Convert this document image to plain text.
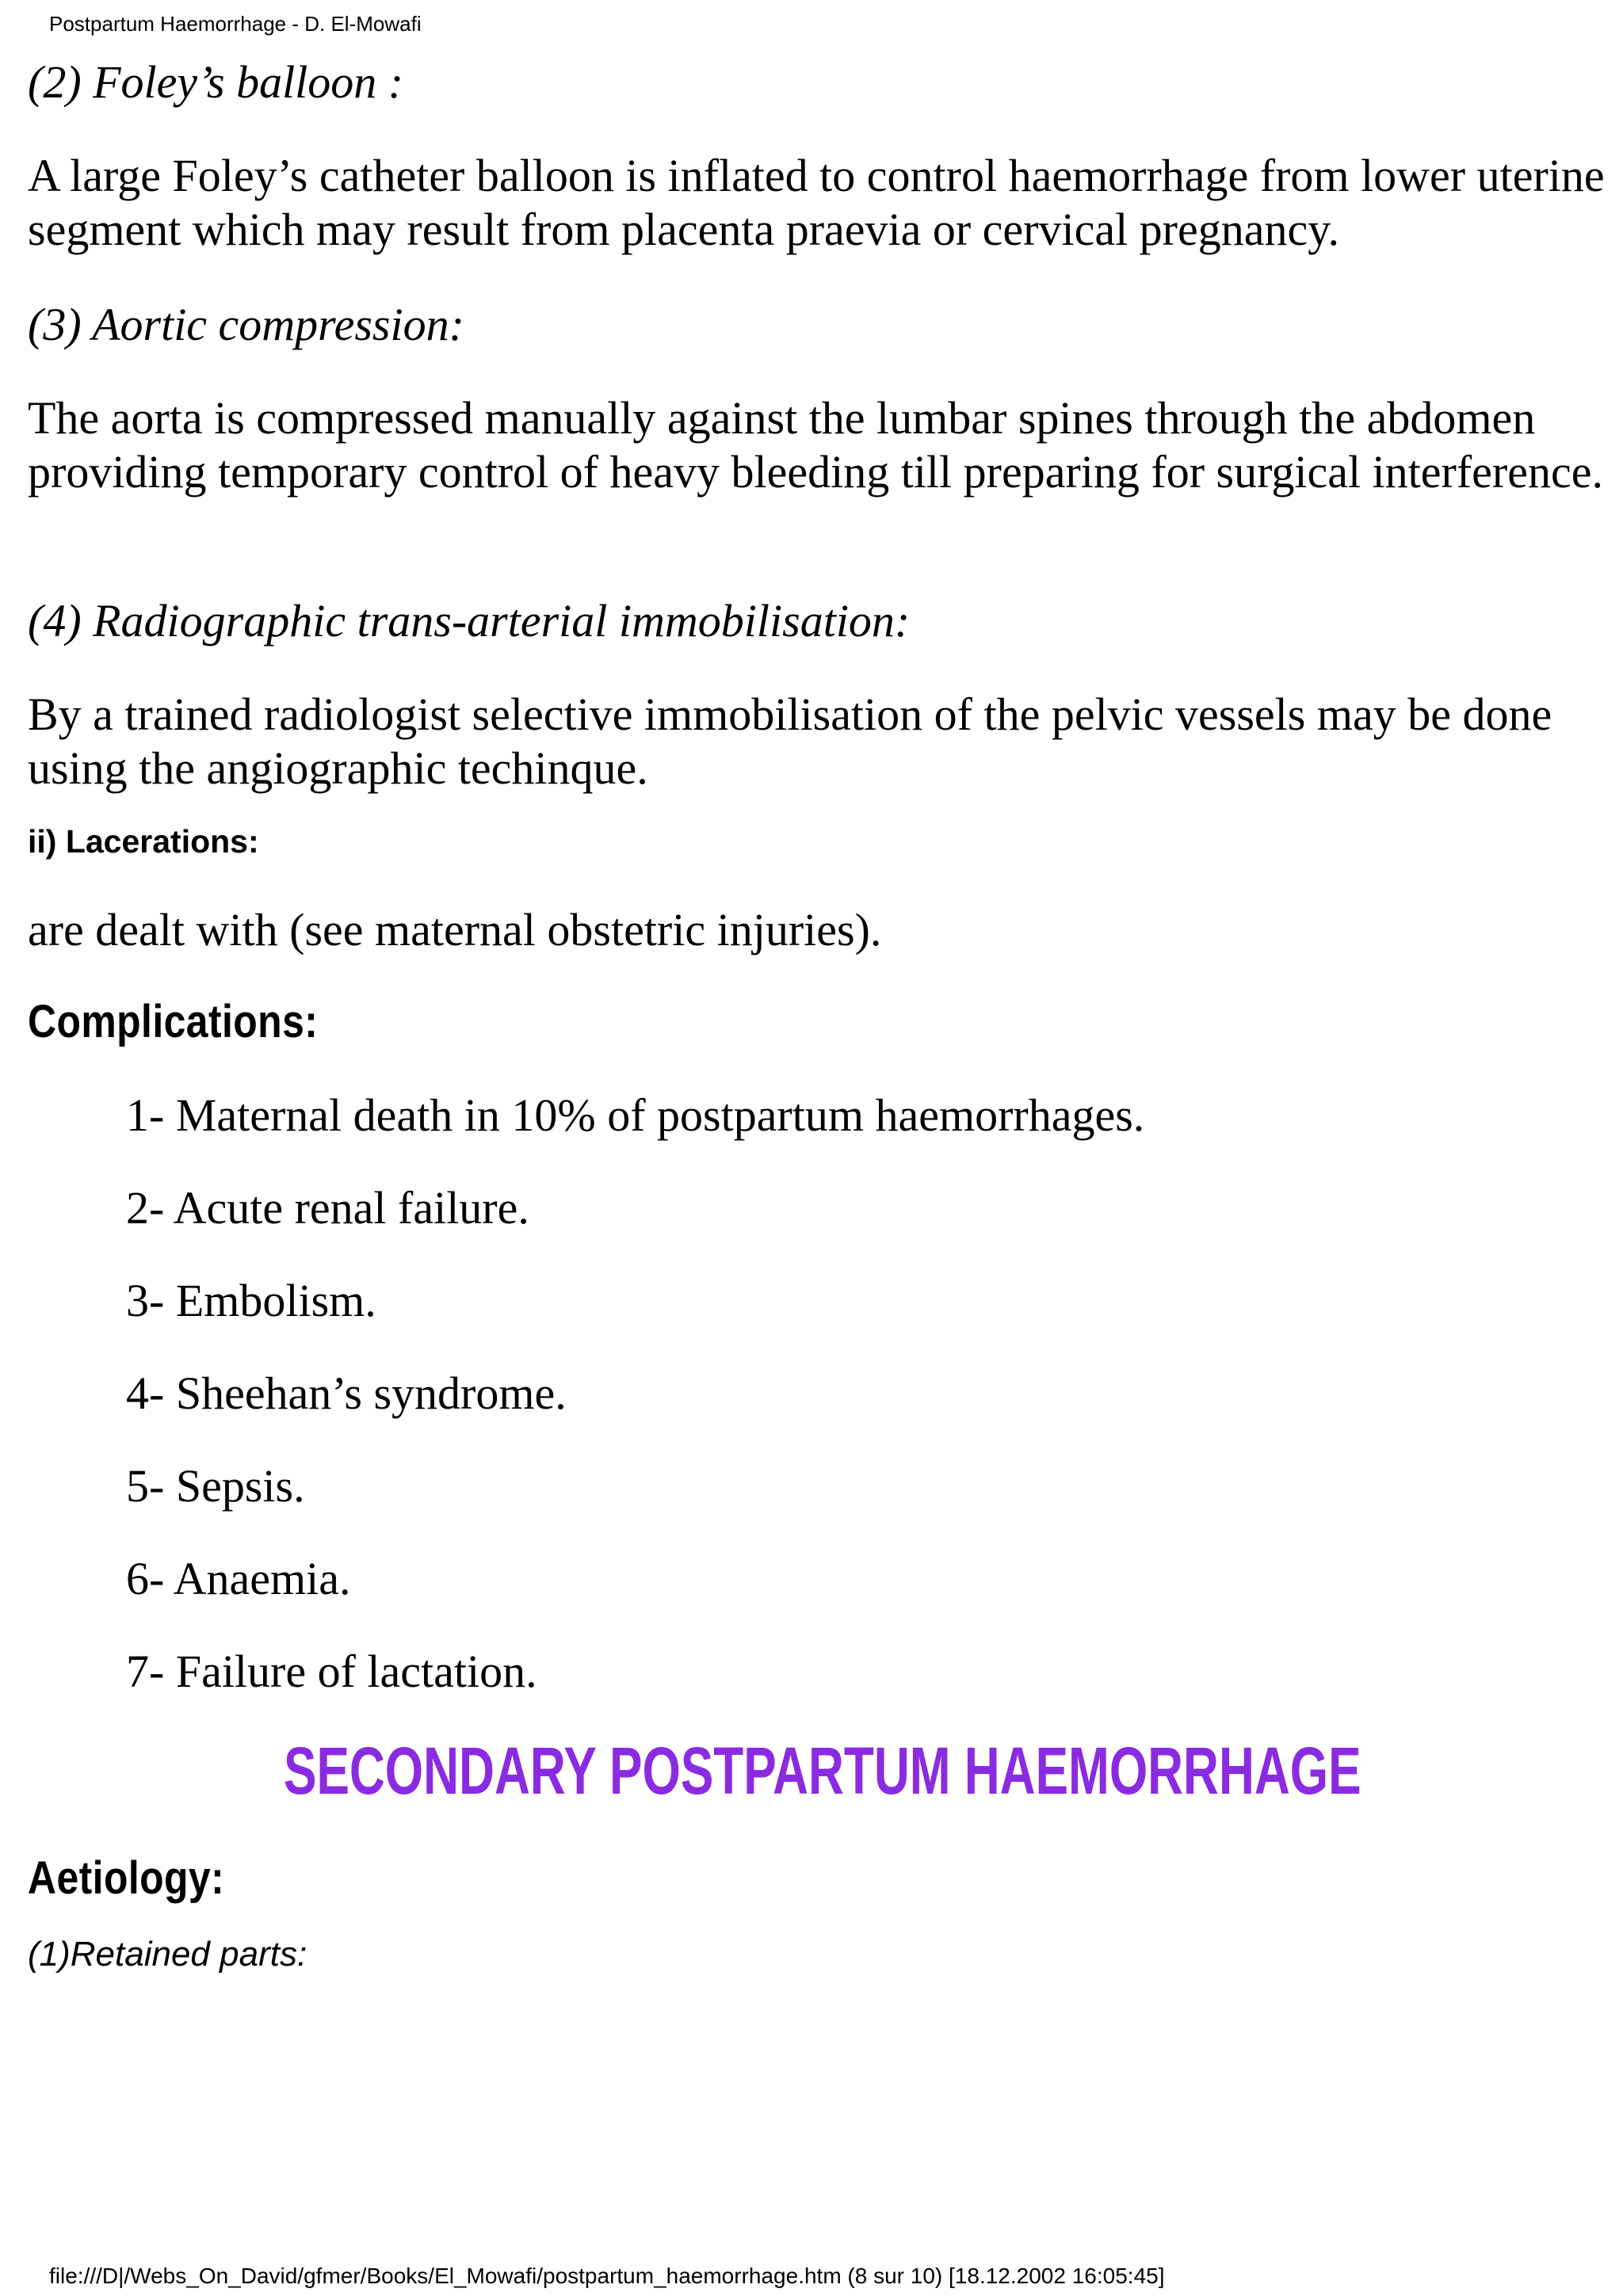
Postpartum Haemorrhage - D. El-Mowafi
(2) Foley’s balloon :
A large Foley’s catheter balloon is inflated to control haemorrhage from lower uterine segment which may result from placenta praevia or cervical pregnancy.
(3) Aortic compression:
The aorta is compressed manually against the lumbar spines through the abdomen providing temporary control of heavy bleeding till preparing for surgical interference.
(4) Radiographic trans-arterial immobilisation:
By a trained radiologist selective immobilisation of the pelvic vessels may be done using the angiographic techinque.
ii) Lacerations:
are dealt with (see maternal obstetric injuries).
Complications:
1- Maternal death in 10% of postpartum haemorrhages.
2- Acute renal failure.
3- Embolism.
4- Sheehan’s syndrome.
5- Sepsis.
6- Anaemia.
7- Failure of lactation.
SECONDARY POSTPARTUM HAEMORRHAGE
Aetiology:
(1)Retained parts:
file:///D|/Webs_On_David/gfmer/Books/El_Mowafi/postpartum_haemorrhage.htm (8 sur 10) [18.12.2002 16:05:45]
